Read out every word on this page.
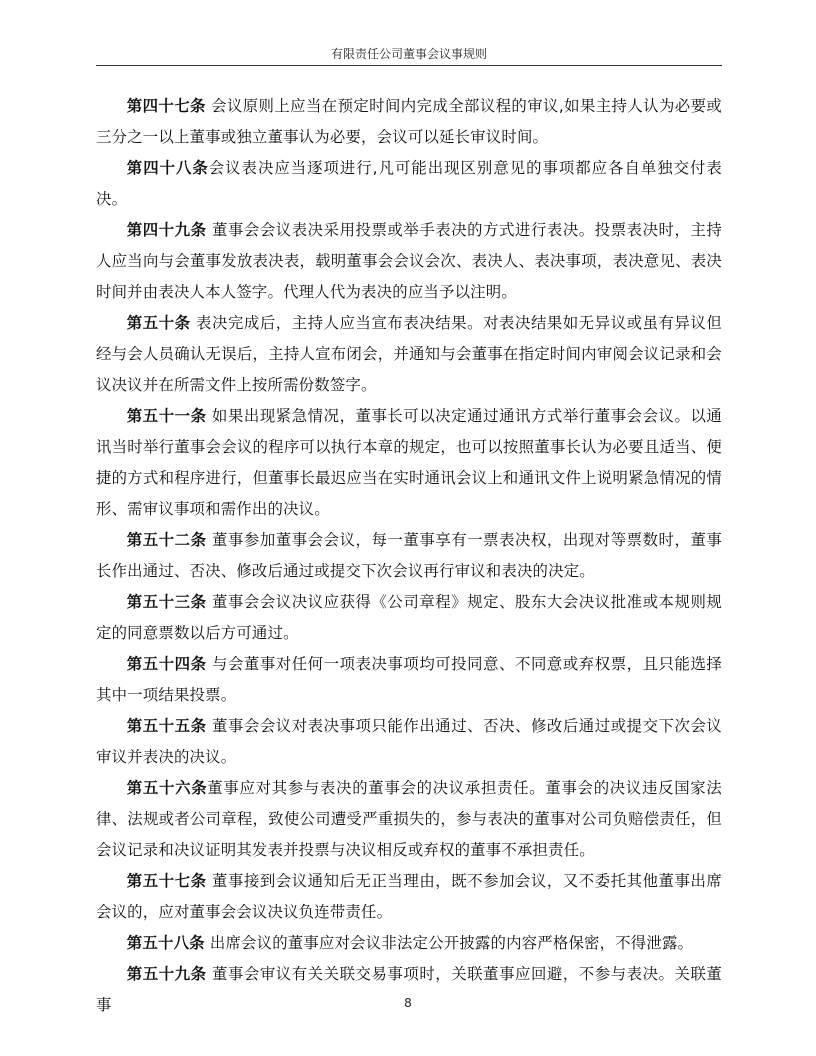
有限责任公司董事会议事规则

第四十七条 会议原则上应当在预定时间内完成全部议程的审议,如果主持人认为必要或三分之一以上董事或独立董事认为必要，会议可以延长审议时间。

第四十八条会议表决应当逐项进行,凡可能出现区别意见的事项都应各自单独交付表决。

第四十九条 董事会会议表决采用投票或举手表决的方式进行表决。投票表决时，主持人应当向与会董事发放表决表，载明董事会会议会次、表决人、表决事项，表决意见、表决时间并由表决人本人签字。代理人代为表决的应当予以注明。

第五十条 表决完成后，主持人应当宣布表决结果。对表决结果如无异议或虽有异议但经与会人员确认无误后，主持人宣布闭会，并通知与会董事在指定时间内审阅会议记录和会议决议并在所需文件上按所需份数签字。

第五十一条 如果出现紧急情况，董事长可以决定通过通讯方式举行董事会会议。以通讯当时举行董事会会议的程序可以执行本章的规定，也可以按照董事长认为必要且适当、便捷的方式和程序进行，但董事长最迟应当在实时通讯会议上和通讯文件上说明紧急情况的情形、需审议事项和需作出的决议。

第五十二条 董事参加董事会会议，每一董事享有一票表决权，出现对等票数时，董事长作出通过、否决、修改后通过或提交下次会议再行审议和表决的决定。

第五十三条 董事会会议决议应获得《公司章程》规定、股东大会决议批准或本规则规定的同意票数以后方可通过。

第五十四条 与会董事对任何一项表决事项均可投同意、不同意或弃权票，且只能选择其中一项结果投票。

第五十五条 董事会会议对表决事项只能作出通过、否决、修改后通过或提交下次会议审议并表决的决议。

第五十六条董事应对其参与表决的董事会的决议承担责任。董事会的决议违反国家法律、法规或者公司章程，致使公司遭受严重损失的，参与表决的董事对公司负赔偿责任，但会议记录和决议证明其发表并投票与决议相反或弃权的董事不承担责任。

第五十七条 董事接到会议通知后无正当理由，既不参加会议，又不委托其他董事出席会议的，应对董事会会议决议负连带责任。

第五十八条 出席会议的董事应对会议非法定公开披露的内容严格保密，不得泄露。

第五十九条 董事会审议有关关联交易事项时，关联董事应回避，不参与表决。关联董事	8
